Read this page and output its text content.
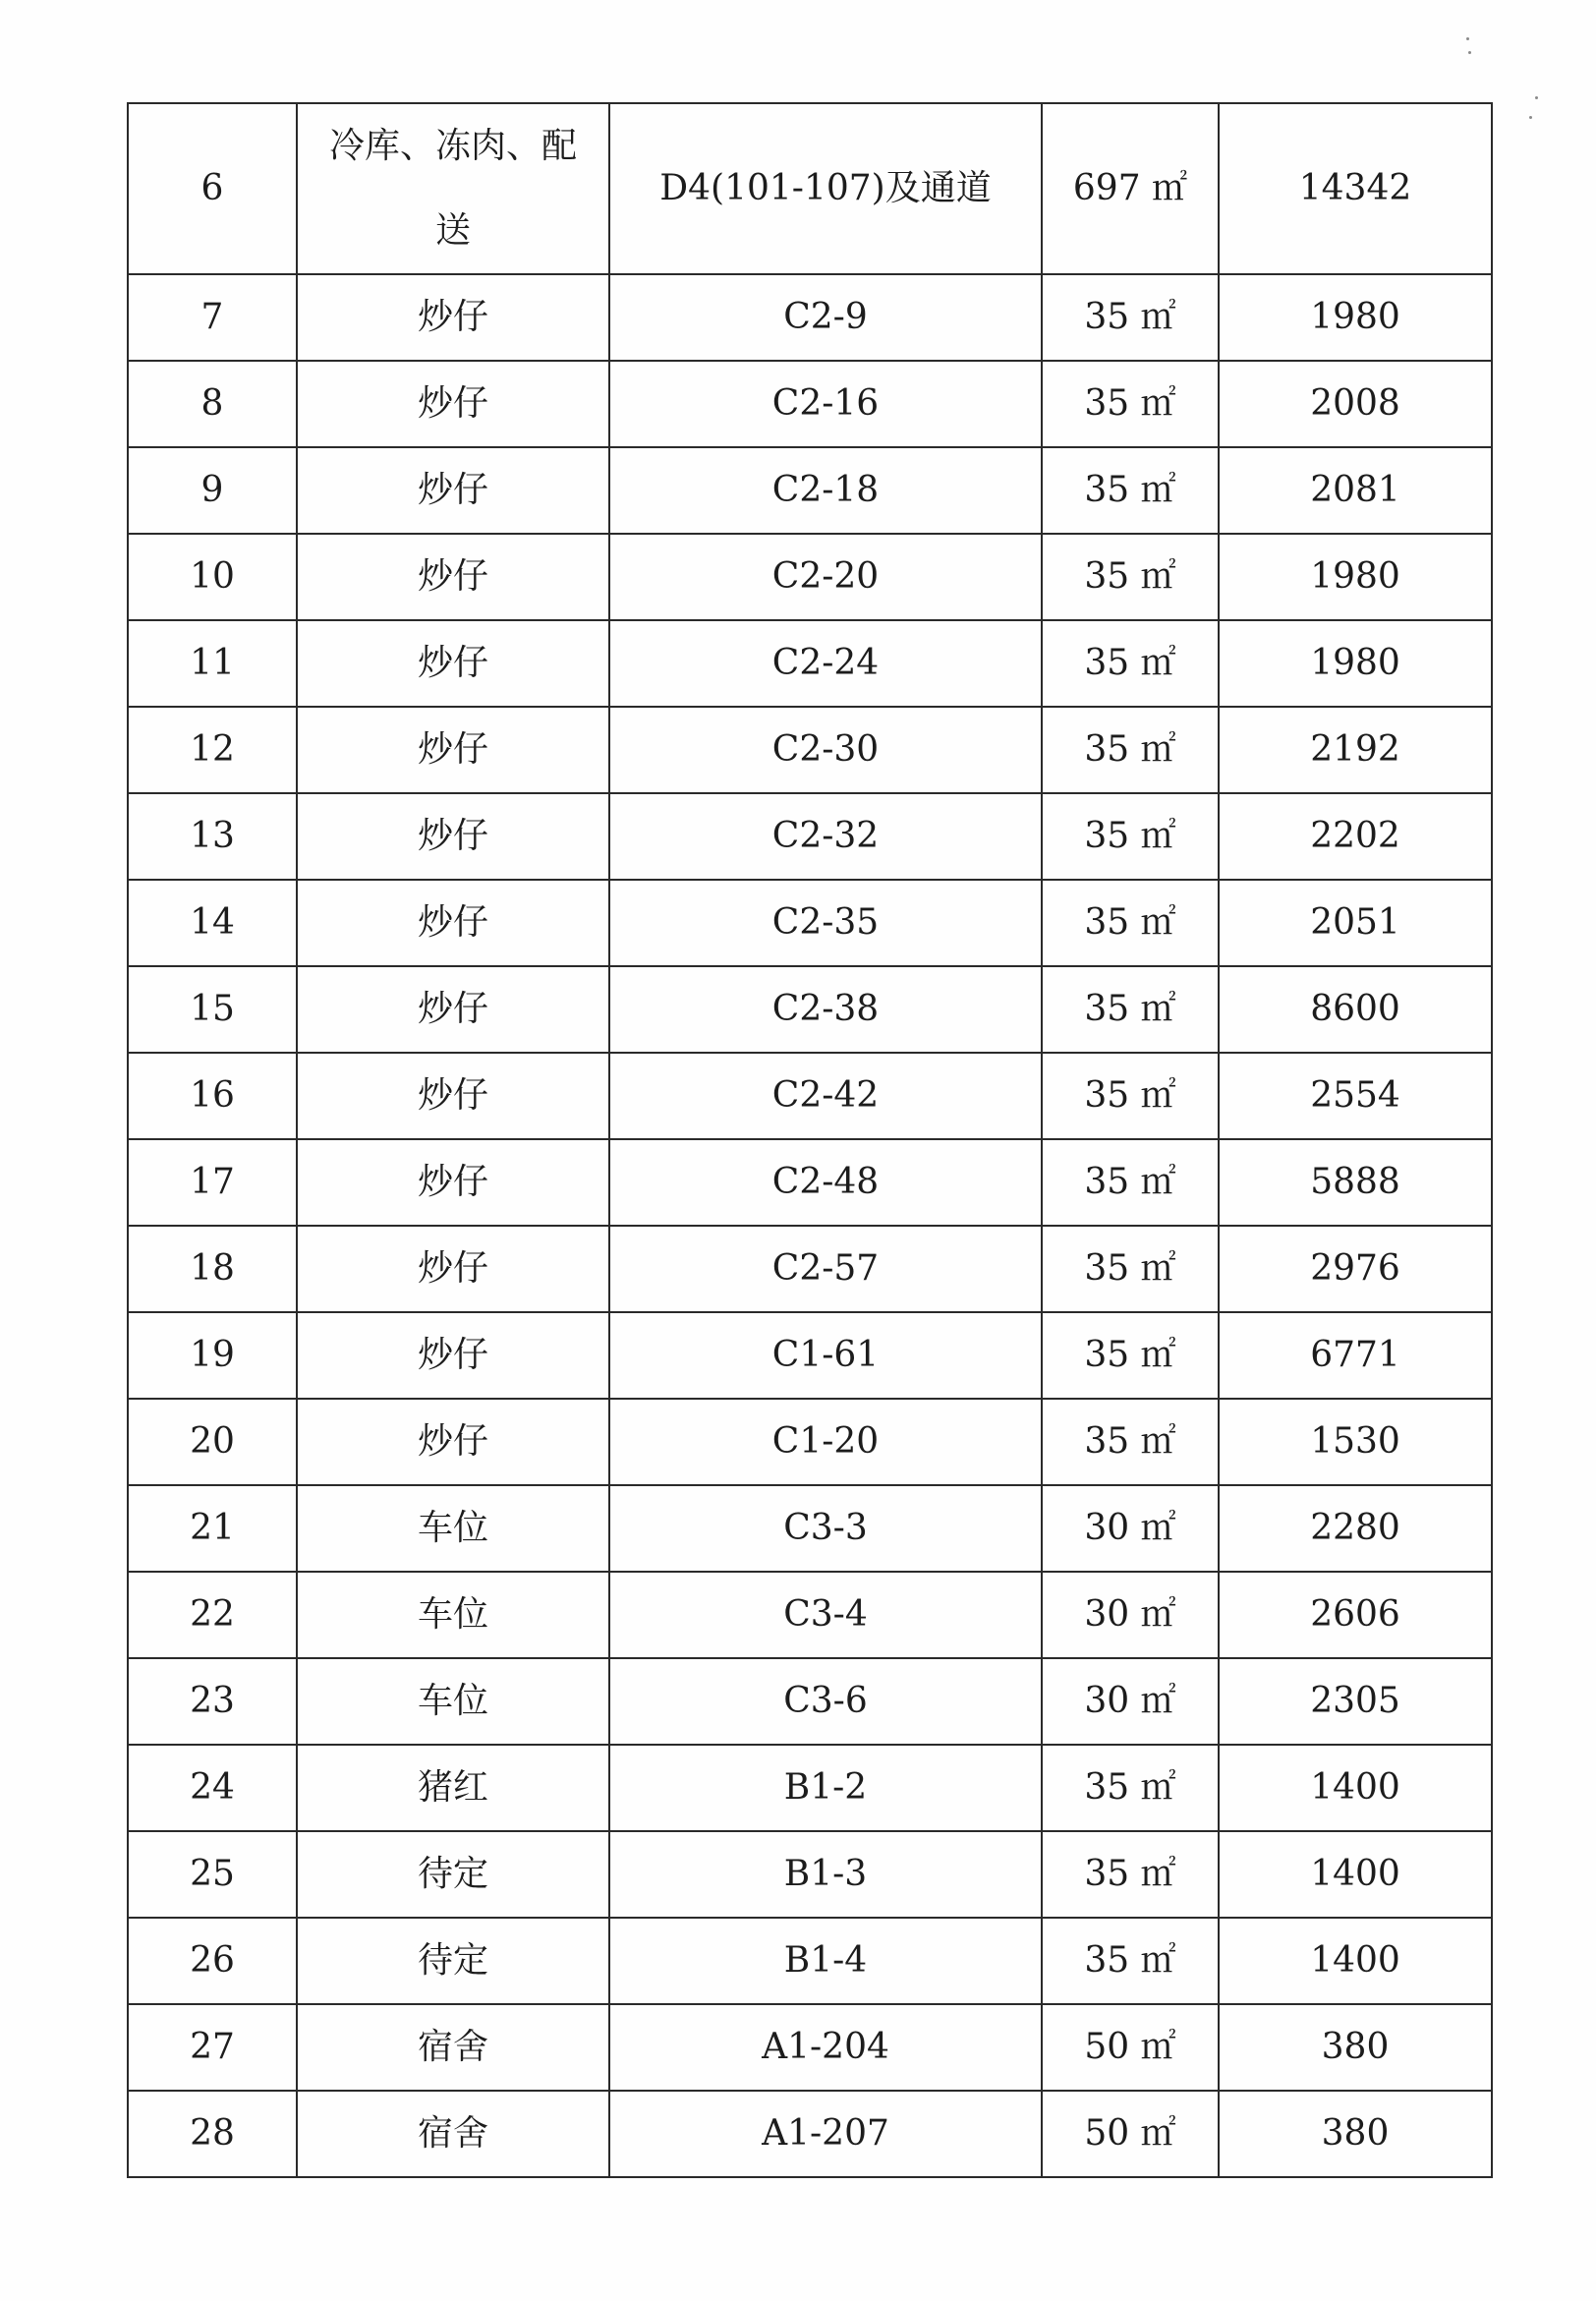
6	冷库、冻肉、配送	D4(101-107)及通道	697 ㎡	14342
7	炒仔	C2-9	35 ㎡	1980
8	炒仔	C2-16	35 ㎡	2008
9	炒仔	C2-18	35 ㎡	2081
10	炒仔	C2-20	35 ㎡	1980
11	炒仔	C2-24	35 ㎡	1980
12	炒仔	C2-30	35 ㎡	2192
13	炒仔	C2-32	35 ㎡	2202
14	炒仔	C2-35	35 ㎡	2051
15	炒仔	C2-38	35 ㎡	8600
16	炒仔	C2-42	35 ㎡	2554
17	炒仔	C2-48	35 ㎡	5888
18	炒仔	C2-57	35 ㎡	2976
19	炒仔	C1-61	35 ㎡	6771
20	炒仔	C1-20	35 ㎡	1530
21	车位	C3-3	30 ㎡	2280
22	车位	C3-4	30 ㎡	2606
23	车位	C3-6	30 ㎡	2305
24	猪红	B1-2	35 ㎡	1400
25	待定	B1-3	35 ㎡	1400
26	待定	B1-4	35 ㎡	1400
27	宿舍	A1-204	50 ㎡	380
28	宿舍	A1-207	50 ㎡	380
